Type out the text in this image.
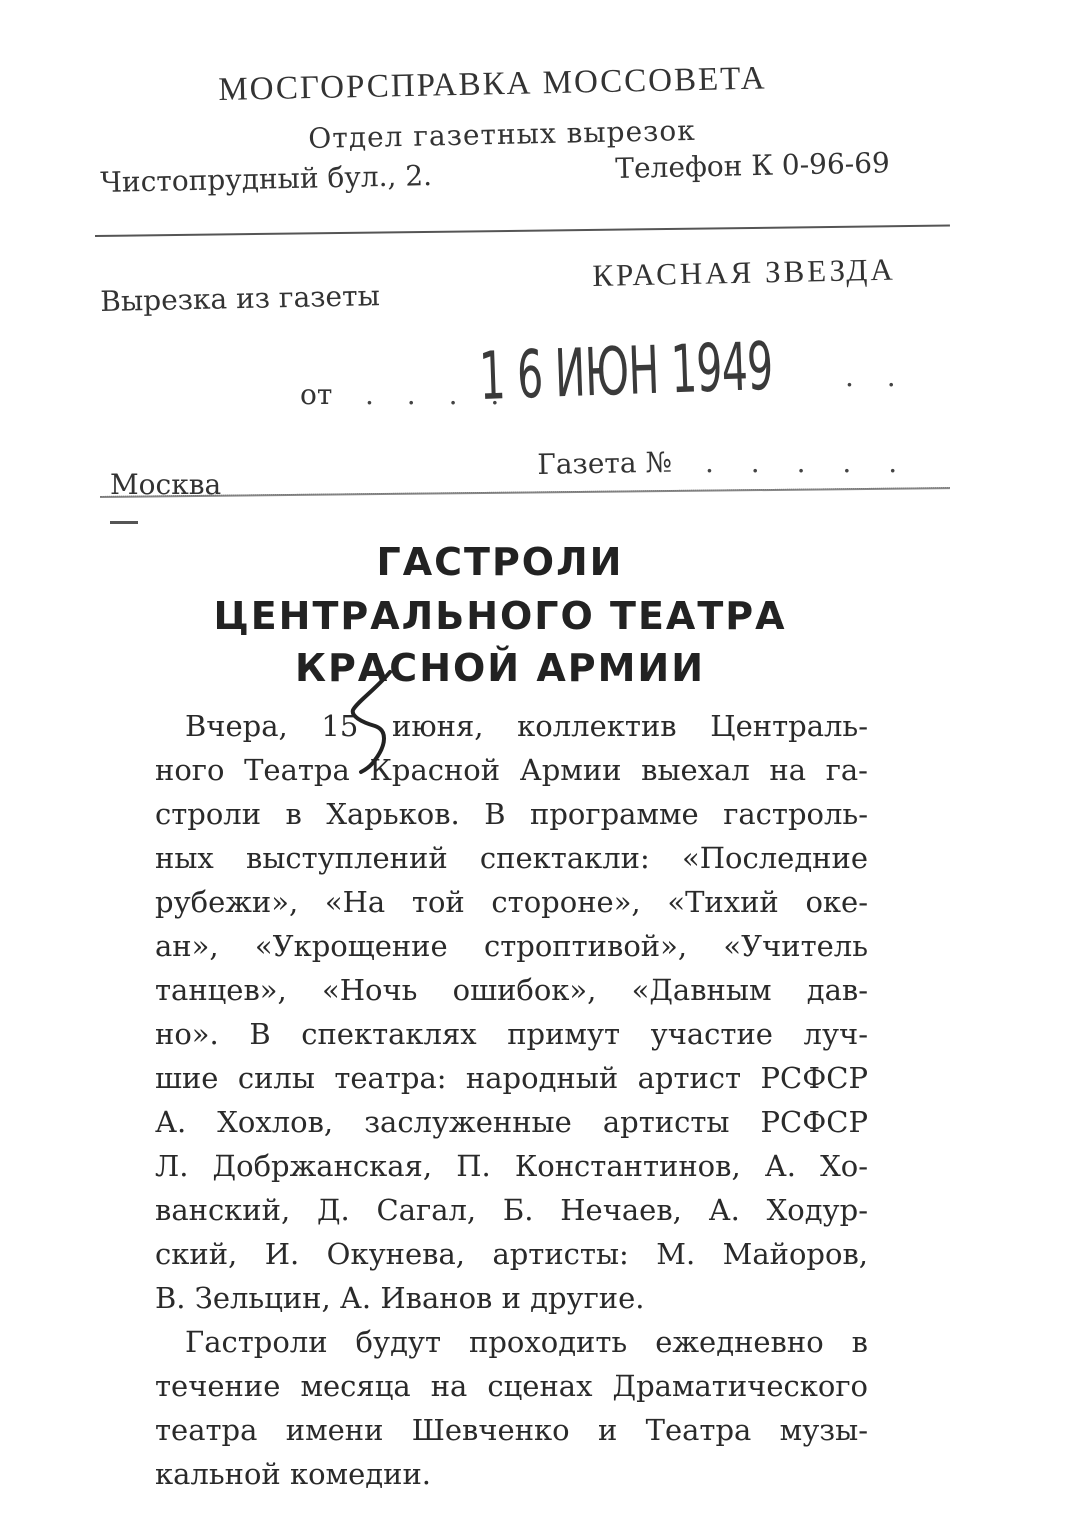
МОСГОРСПРАВКА МОССОВЕТА
Отдел газетных вырезок
Чистопрудный бул., 2.	Телефон К 0-96-69
Вырезка из газеты
КРАСНАЯ ЗВЕЗДА
от . . . .
1 6 ИЮН 1949	. .
Москва
Газета № . . . . .
ГАСТРОЛИ
ЦЕНТРАЛЬНОГО ТЕАТРА
КРАСНОЙ АРМИИ
Вчера, 15 июня, коллектив Централь-
ного Театра Красной Армии выехал на га-
строли в Харьков. В программе гастроль-
ных выступлений спектакли: «Последние
рубежи», «На той стороне», «Тихий оке-
ан», «Укрощение строптивой», «Учитель
танцев», «Ночь ошибок», «Давным дав-
но». В спектаклях примут участие луч-
шие силы театра: народный артист РСФСР
А. Хохлов, заслуженные артисты РСФСР
Л. Добржанская, П. Константинов, А. Хо-
ванский, Д. Сагал, Б. Нечаев, А. Ходур-
ский, И. Окунева, артисты: М. Майоров,
В. Зельцин, А. Иванов и другие.
Гастроли будут проходить ежедневно в
течение месяца на сценах Драматического
театра имени Шевченко и Театра музы-
кальной комедии.
